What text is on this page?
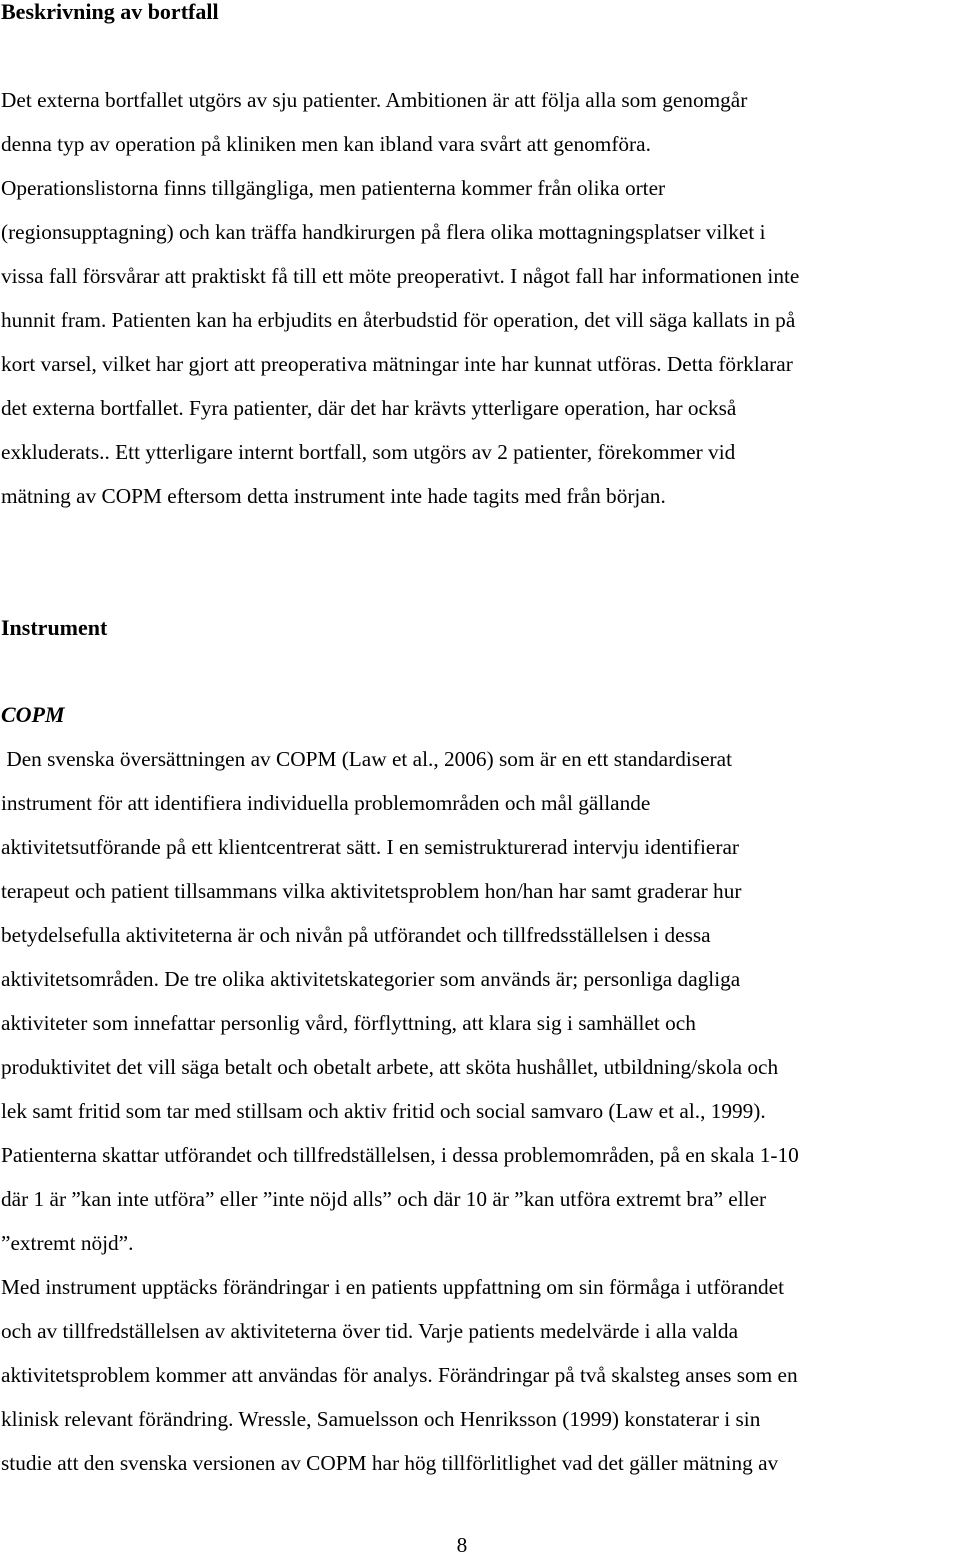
Beskrivning av bortfall
Det externa bortfallet utgörs av sju patienter. Ambitionen är att följa alla som genomgår
denna typ av operation på kliniken men kan ibland vara svårt att genomföra.
Operationslistorna finns tillgängliga, men patienterna kommer från olika orter
(regionsupptagning) och kan träffa handkirurgen på flera olika mottagningsplatser vilket i
vissa fall försvårar att praktiskt få till ett möte preoperativt. I något fall har informationen inte
hunnit fram. Patienten kan ha erbjudits en återbudstid för operation, det vill säga kallats in på
kort varsel, vilket har gjort att preoperativa mätningar inte har kunnat utföras. Detta förklarar
det externa bortfallet. Fyra patienter, där det har krävts ytterligare operation, har också
exkluderats.. Ett ytterligare internt bortfall, som utgörs av 2 patienter, förekommer vid
mätning av COPM eftersom detta instrument inte hade tagits med från början.
Instrument
COPM
Den svenska översättningen av COPM (Law et al., 2006) som är en ett standardiserat
instrument för att identifiera individuella problemområden och mål gällande
aktivitetsutförande på ett klientcentrerat sätt. I en semistrukturerad intervju identifierar
terapeut och patient tillsammans vilka aktivitetsproblem hon/han har samt graderar hur
betydelsefulla aktiviteterna är och nivån på utförandet och tillfredsställelsen i dessa
aktivitetsområden. De tre olika aktivitetskategorier som används är; personliga dagliga
aktiviteter som innefattar personlig vård, förflyttning, att klara sig i samhället och
produktivitet det vill säga betalt och obetalt arbete, att sköta hushållet, utbildning/skola och
lek samt fritid som tar med stillsam och aktiv fritid och social samvaro (Law et al., 1999).
Patienterna skattar utförandet och tillfredställelsen, i dessa problemområden, på en skala 1-10
där 1 är ”kan inte utföra” eller ”inte nöjd alls” och där 10 är ”kan utföra extremt bra” eller
”extremt nöjd”.
Med instrument upptäcks förändringar i en patients uppfattning om sin förmåga i utförandet
och av tillfredställelsen av aktiviteterna över tid. Varje patients medelvärde i alla valda
aktivitetsproblem kommer att användas för analys. Förändringar på två skalsteg anses som en
klinisk relevant förändring. Wressle, Samuelsson och Henriksson (1999) konstaterar i sin
studie att den svenska versionen av COPM har hög tillförlitlighet vad det gäller mätning av
8
